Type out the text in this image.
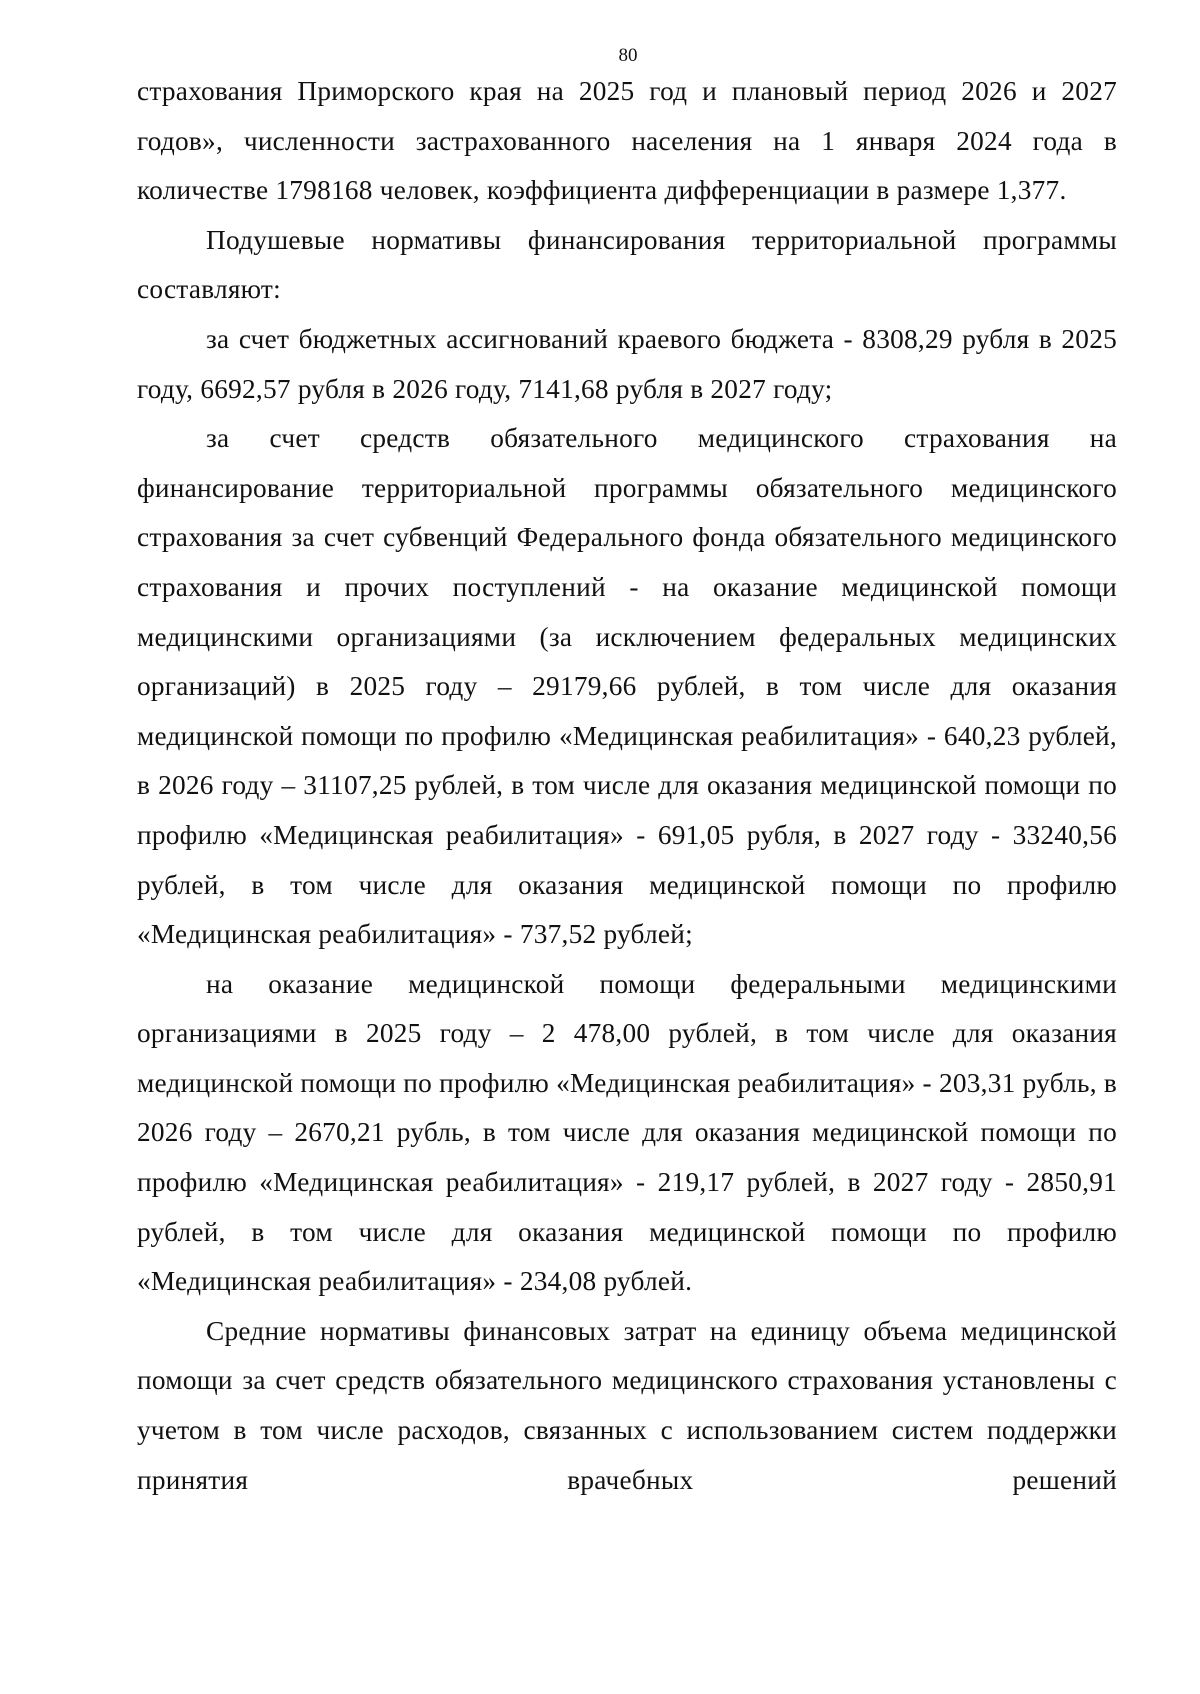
80

страхования Приморского края на 2025 год и плановый период 2026 и 2027 годов», численности застрахованного населения на 1 января 2024 года в количестве 1798168 человек, коэффициента дифференциации в размере 1,377.

Подушевые нормативы финансирования территориальной программы составляют:

за счет бюджетных ассигнований краевого бюджета - 8308,29 рубля в 2025 году, 6692,57 рубля в 2026 году, 7141,68 рубля в 2027 году;

за счет средств обязательного медицинского страхования на финансирование территориальной программы обязательного медицинского страхования за счет субвенций Федерального фонда обязательного медицинского страхования и прочих поступлений - на оказание медицинской помощи медицинскими организациями (за исключением федеральных медицинских организаций) в 2025 году – 29179,66 рублей, в том числе для оказания медицинской помощи по профилю «Медицинская реабилитация» - 640,23 рублей, в 2026 году – 31107,25 рублей, в том числе для оказания медицинской помощи по профилю «Медицинская реабилитация» - 691,05 рубля, в 2027 году - 33240,56 рублей, в том числе для оказания медицинской помощи по профилю «Медицинская реабилитация» - 737,52 рублей;

на оказание медицинской помощи федеральными медицинскими организациями в 2025 году – 2 478,00 рублей, в том числе для оказания медицинской помощи по профилю «Медицинская реабилитация» - 203,31 рубль, в 2026 году – 2670,21 рубль, в том числе для оказания медицинской помощи по профилю «Медицинская реабилитация» - 219,17 рублей, в 2027 году - 2850,91 рублей, в том числе для оказания медицинской помощи по профилю «Медицинская реабилитация» - 234,08 рублей.

Средние нормативы финансовых затрат на единицу объема медицинской помощи за счет средств обязательного медицинского страхования установлены с учетом в том числе расходов, связанных с использованием систем поддержки принятия врачебных решений
